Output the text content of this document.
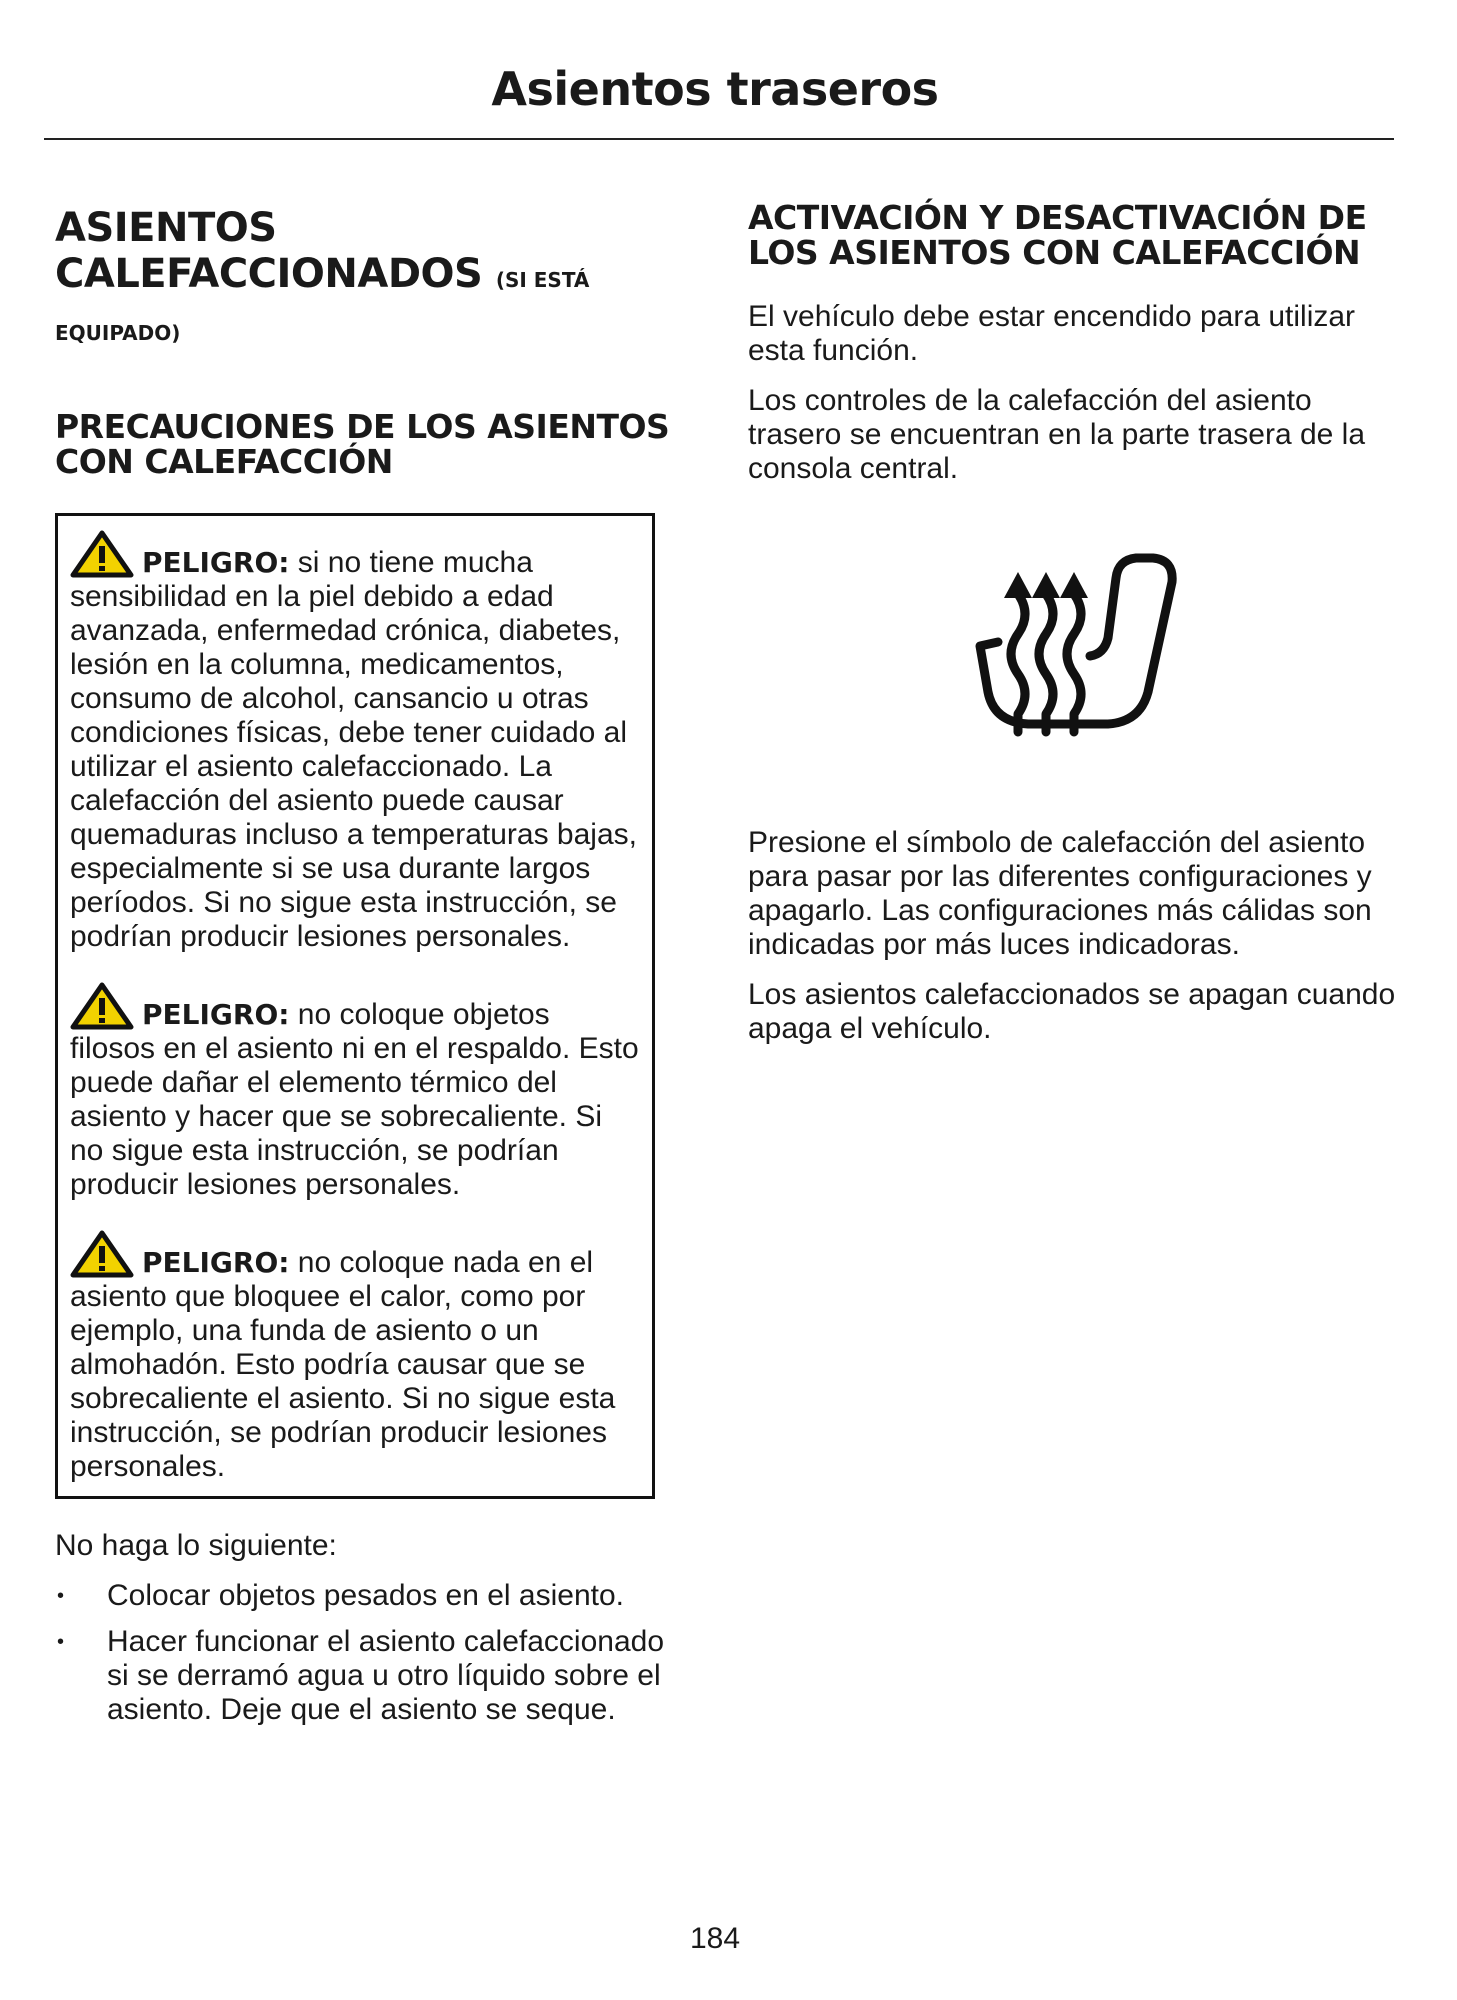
Asientos traseros
ASIENTOS CALEFACCIONADOS (SI ESTÁ
EQUIPADO)
PRECAUCIONES DE LOS ASIENTOS CON CALEFACCIÓN

PELIGRO: si no tiene mucha sensibilidad en la piel debido a edad avanzada, enfermedad crónica, diabetes, lesión en la columna, medicamentos, consumo de alcohol, cansancio u otras condiciones físicas, debe tener cuidado al utilizar el asiento calefaccionado. La calefacción del asiento puede causar quemaduras incluso a temperaturas bajas, especialmente si se usa durante largos períodos. Si no sigue esta instrucción, se podrían producir lesiones personales.

PELIGRO: no coloque objetos filosos en el asiento ni en el respaldo. Esto puede dañar el elemento térmico del asiento y hacer que se sobrecaliente. Si no sigue esta instrucción, se podrían producir lesiones personales.

PELIGRO: no coloque nada en el asiento que bloquee el calor, como por ejemplo, una funda de asiento o un almohadón. Esto podría causar que se sobrecaliente el asiento. Si no sigue esta instrucción, se podrían producir lesiones personales.

No haga lo siguiente:

• Colocar objetos pesados en el asiento.
• Hacer funcionar el asiento calefaccionado si se derramó agua u otro líquido sobre el asiento. Deje que el asiento se seque.
ACTIVACIÓN Y DESACTIVACIÓN DE LOS ASIENTOS CON CALEFACCIÓN

El vehículo debe estar encendido para utilizar esta función.

Los controles de la calefacción del asiento trasero se encuentran en la parte trasera de la consola central.

Presione el símbolo de calefacción del asiento para pasar por las diferentes configuraciones y apagarlo. Las configuraciones más cálidas son indicadas por más luces indicadoras.

Los asientos calefaccionados se apagan cuando apaga el vehículo.

184
